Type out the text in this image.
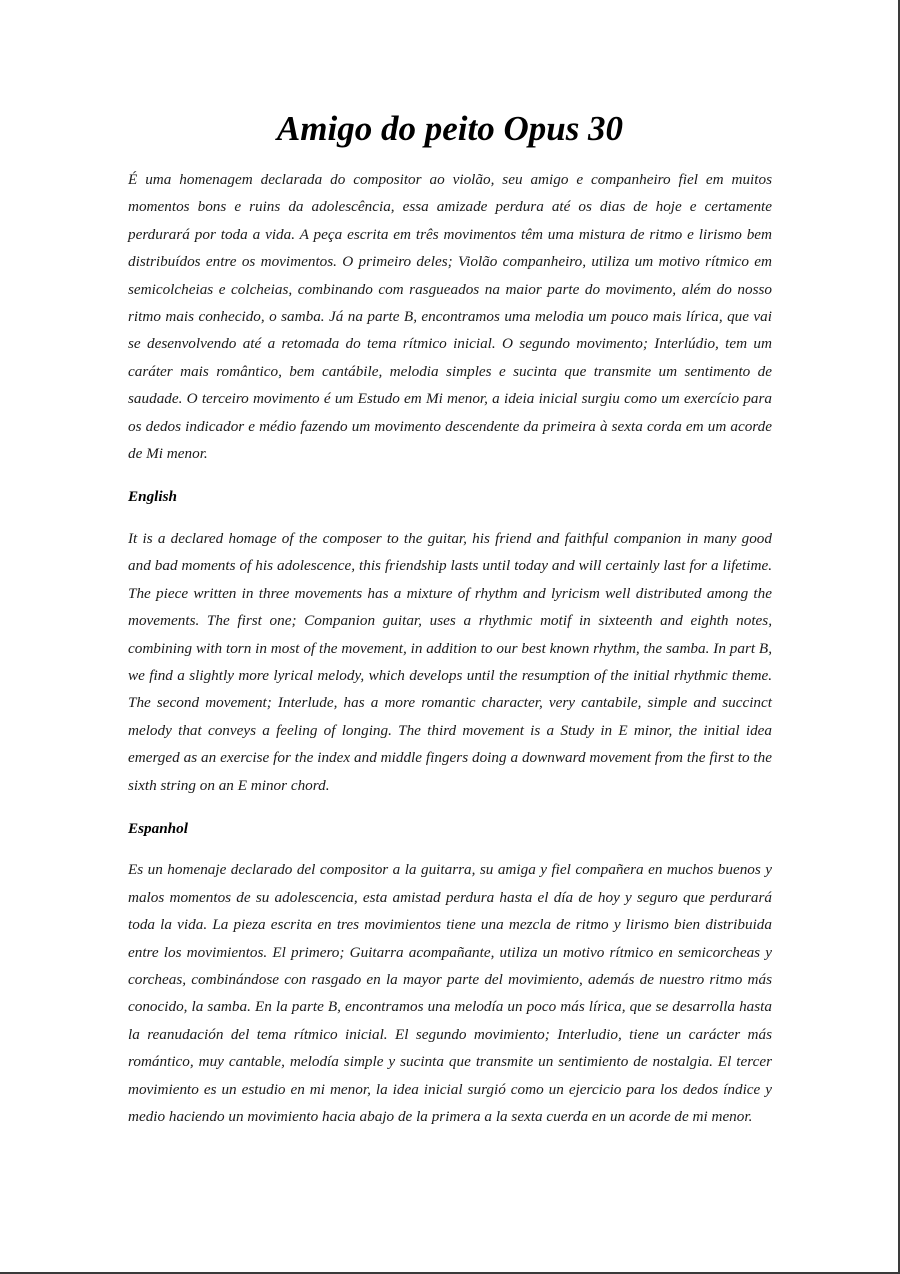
Amigo do peito Opus 30

É uma homenagem declarada do compositor ao violão, seu amigo e companheiro fiel em muitos momentos bons e ruins da adolescência, essa amizade perdura até os dias de hoje e certamente perdurará por toda a vida. A peça escrita em três movimentos têm uma mistura de ritmo e lirismo bem distribuídos entre os movimentos. O primeiro deles; Violão companheiro, utiliza um motivo rítmico em semicolcheias e colcheias, combinando com rasgueados na maior parte do movimento, além do nosso ritmo mais conhecido, o samba. Já na parte B, encontramos uma melodia um pouco mais lírica, que vai se desenvolvendo até a retomada do tema rítmico inicial. O segundo movimento; Interlúdio, tem um caráter mais romântico, bem cantábile, melodia simples e sucinta que transmite um sentimento de saudade. O terceiro movimento é um Estudo em Mi menor, a ideia inicial surgiu como um exercício para os dedos indicador e médio fazendo um movimento descendente da primeira à sexta corda em um acorde de Mi menor.

English

It is a declared homage of the composer to the guitar, his friend and faithful companion in many good and bad moments of his adolescence, this friendship lasts until today and will certainly last for a lifetime. The piece written in three movements has a mixture of rhythm and lyricism well distributed among the movements. The first one; Companion guitar, uses a rhythmic motif in sixteenth and eighth notes, combining with torn in most of the movement, in addition to our best known rhythm, the samba. In part B, we find a slightly more lyrical melody, which develops until the resumption of the initial rhythmic theme. The second movement; Interlude, has a more romantic character, very cantabile, simple and succinct melody that conveys a feeling of longing. The third movement is a Study in E minor, the initial idea emerged as an exercise for the index and middle fingers doing a downward movement from the first to the sixth string on an E minor chord.

Espanhol

Es un homenaje declarado del compositor a la guitarra, su amiga y fiel compañera en muchos buenos y malos momentos de su adolescencia, esta amistad perdura hasta el día de hoy y seguro que perdurará toda la vida. La pieza escrita en tres movimientos tiene una mezcla de ritmo y lirismo bien distribuida entre los movimientos. El primero; Guitarra acompañante, utiliza un motivo rítmico en semicorcheas y corcheas, combinándose con rasgado en la mayor parte del movimiento, además de nuestro ritmo más conocido, la samba. En la parte B, encontramos una melodía un poco más lírica, que se desarrolla hasta la reanudación del tema rítmico inicial. El segundo movimiento; Interludio, tiene un carácter más romántico, muy cantable, melodía simple y sucinta que transmite un sentimiento de nostalgia. El tercer movimiento es un estudio en mi menor, la idea inicial surgió como un ejercicio para los dedos índice y medio haciendo un movimiento hacia abajo de la primera a la sexta cuerda en un acorde de mi menor.
